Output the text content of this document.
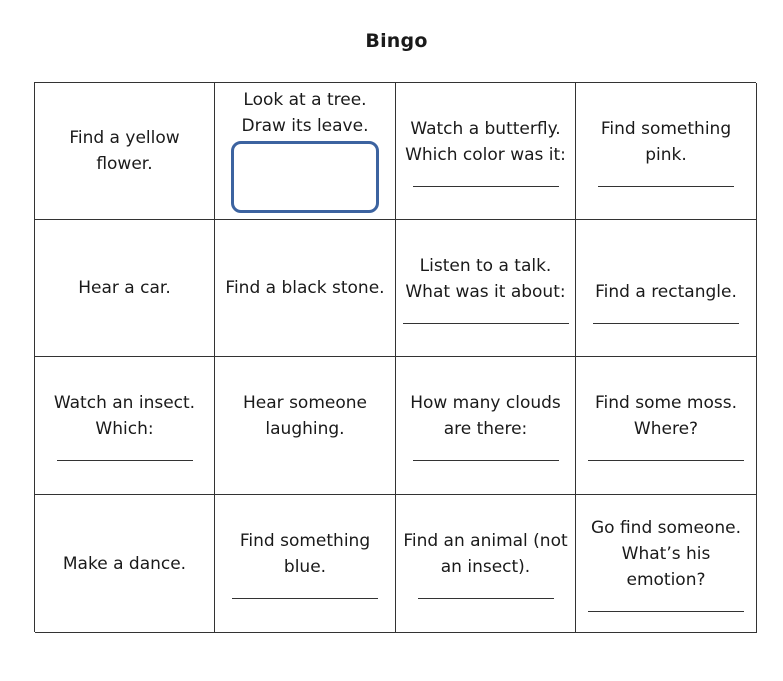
Bingo
Find a yellow
flower.
Look at a tree.
Draw its leave.	Watch a butterfly.
Which color was it:
Find something
pink.
Hear a car.	Find a black stone.
Listen to a talk.
What was it about: Find a rectangle.
Watch an insect.
Which:
Hear someone
laughing.
How many clouds
are there:
Find some moss.
Where?
Make a dance.
Find something
blue.
Find an animal (not
an insect).
Go find someone.
What’s his emotion?
